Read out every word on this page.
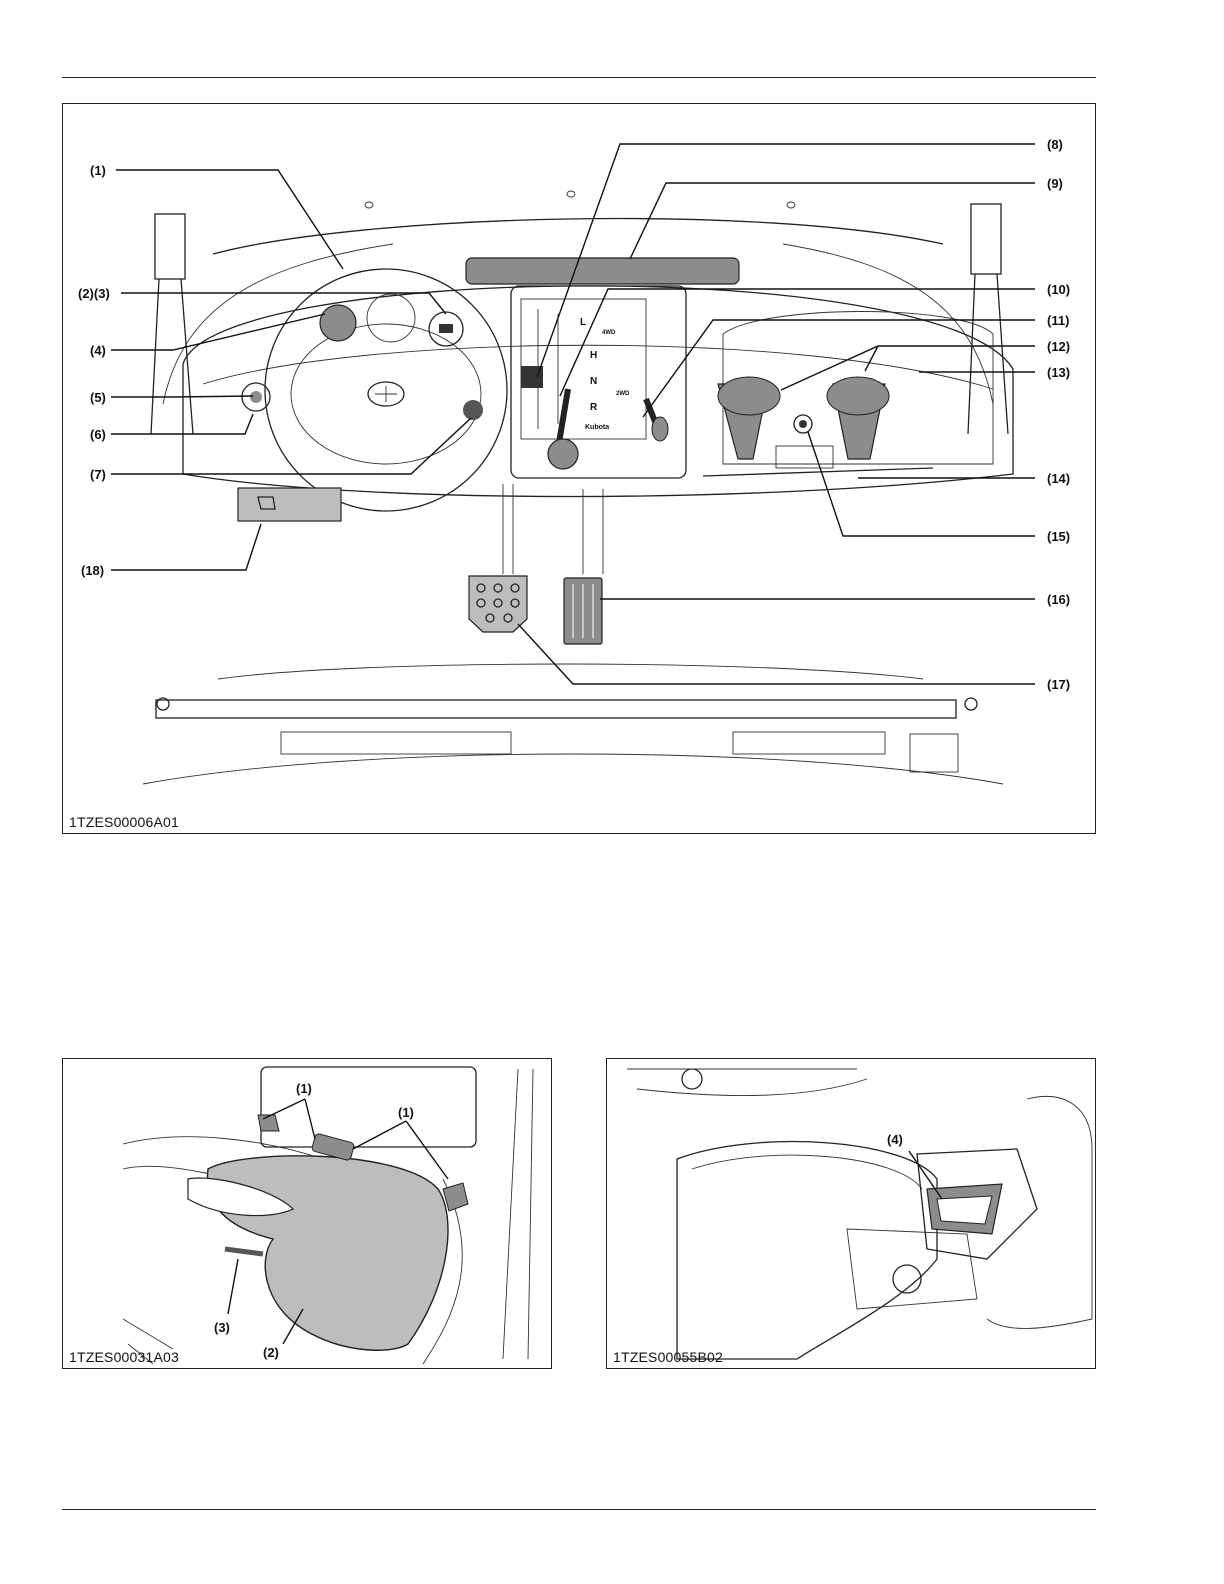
L
H
N
R
4WD
2WD
Kubota
(1)
(2)(3)
(4)
(5)
(6)
(7)
(8)
(9)
(10)
(11)
(12)
(13)
(14)
(15)
(16)
(17)
(18)
1TZES00006A01
(1)
(1)
(2)
(3)
1TZES00031A03
(4)
1TZES00055B02
